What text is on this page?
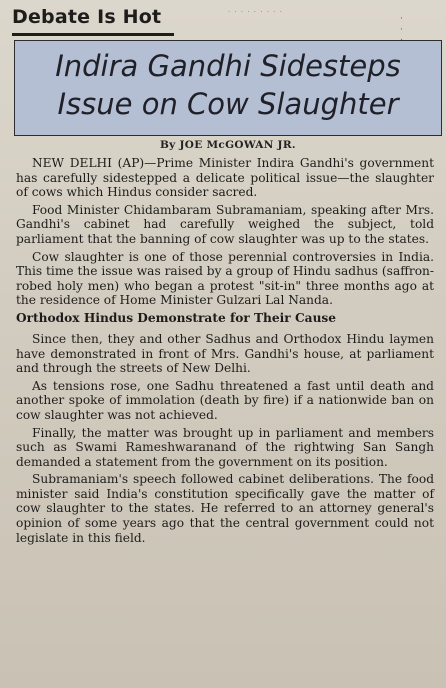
Debate Is Hot	· · · · · · · · ·
·
·

Indira Gandhi Sidesteps
Issue on Cow Slaughter
By JOE McGOWAN JR.

NEW DELHI (AP)—Prime Minister Indira Gandhi's government has carefully sidestepped a delicate political issue—the slaughter of cows which Hindus consider sacred.

Food Minister Chidambaram Subramaniam, speaking after Mrs. Gandhi's cabinet had carefully weighed the subject, told parliament that the banning of cow slaughter was up to the states.

Cow slaughter is one of those perennial controversies in India. This time the issue was raised by a group of Hindu sadhus (saffron-robed holy men) who began a protest "sit-in" three months ago at the residence of Home Minister Gulzari Lal Nanda.

Orthodox Hindus Demonstrate for Their Cause

Since then, they and other Sadhus and Orthodox Hindu laymen have demonstrated in front of Mrs. Gandhi's house, at parliament and through the streets of New Delhi.

As tensions rose, one Sadhu threatened a fast until death and another spoke of immolation (death by fire) if a nationwide ban on cow slaughter was not achieved.

Finally, the matter was brought up in parliament and members such as Swami Rameshwaranand of the rightwing San Sangh demanded a statement from the government on its position.

Subramaniam's speech followed cabinet deliberations. The food minister said India's constitution specifically gave the matter of cow slaughter to the states. He referred to an attorney general's opinion of some years ago that the central government could not legislate in this field.
